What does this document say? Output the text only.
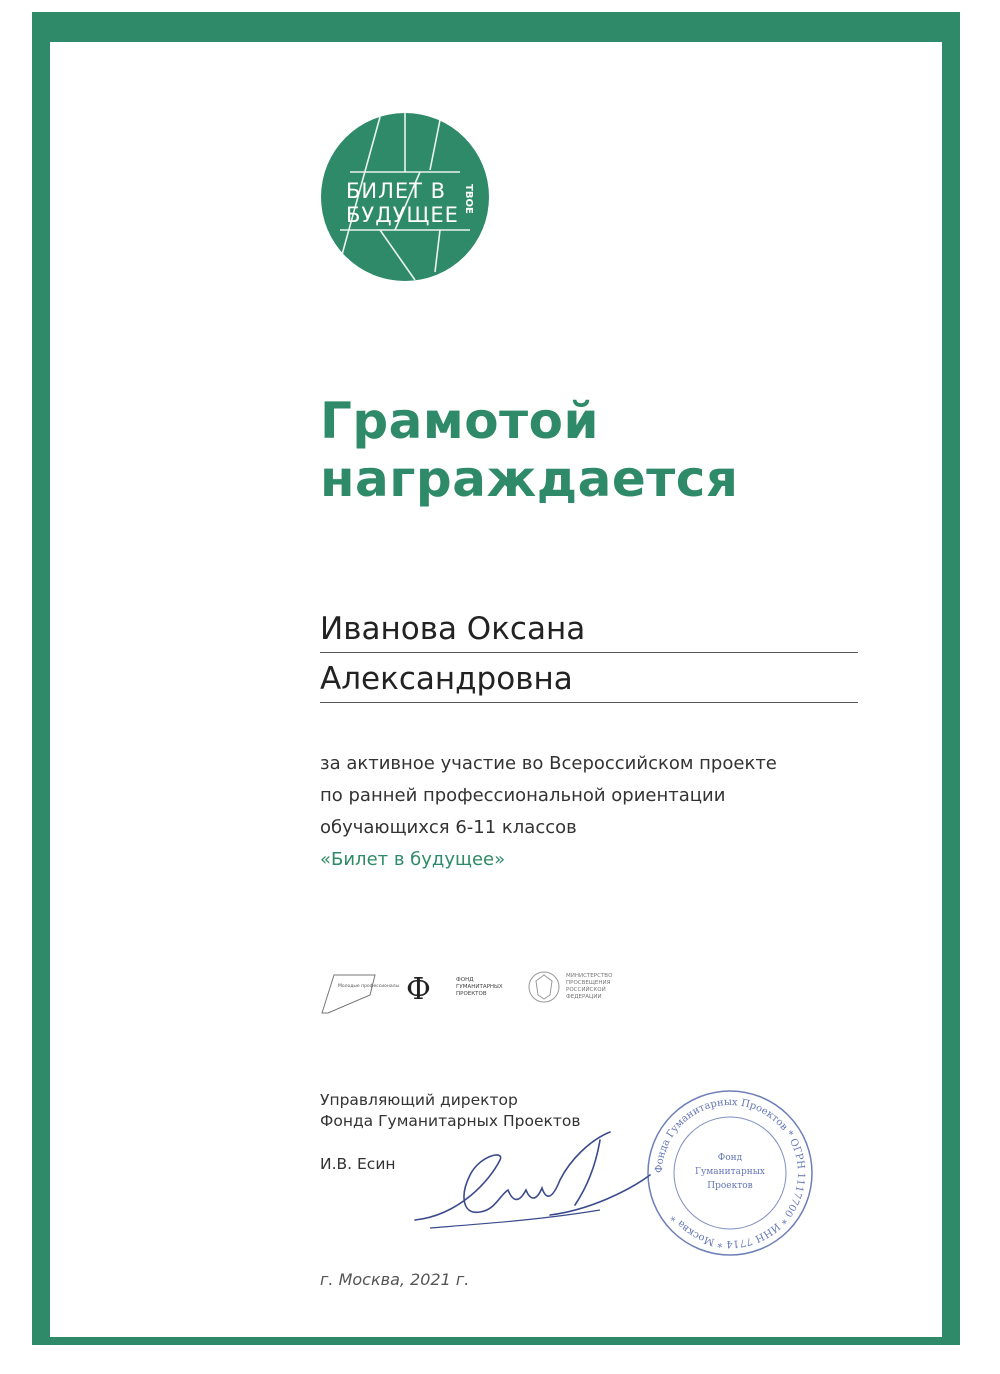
БИЛЕТ В
БУДУЩЕЕ
ТВОЕ
Грамотой
награждается
Иванова Оксана
Александровна
за активное участие во Всероссийском проекте
по ранней профессиональной ориентации
обучающихся 6-11 классов
«Билет в будущее»
Молодые профессионалы Ф	ФОНД
ГУМАНИТАРНЫХ
ПРОЕКТОВ
МИНИСТЕРСТВО
ПРОСВЕЩЕНИЯ
РОССИЙСКОЙ
ФЕДЕРАЦИИ
Управляющий директор
Фонда Гуманитарных Проектов
И.В. Есин	Фонда Гуманитарных Проектов * ОГРН 1117700 * ИНН 7714 * Москва *
Фонд
Гуманитарных
Проектов
г. Москва, 2021 г.
